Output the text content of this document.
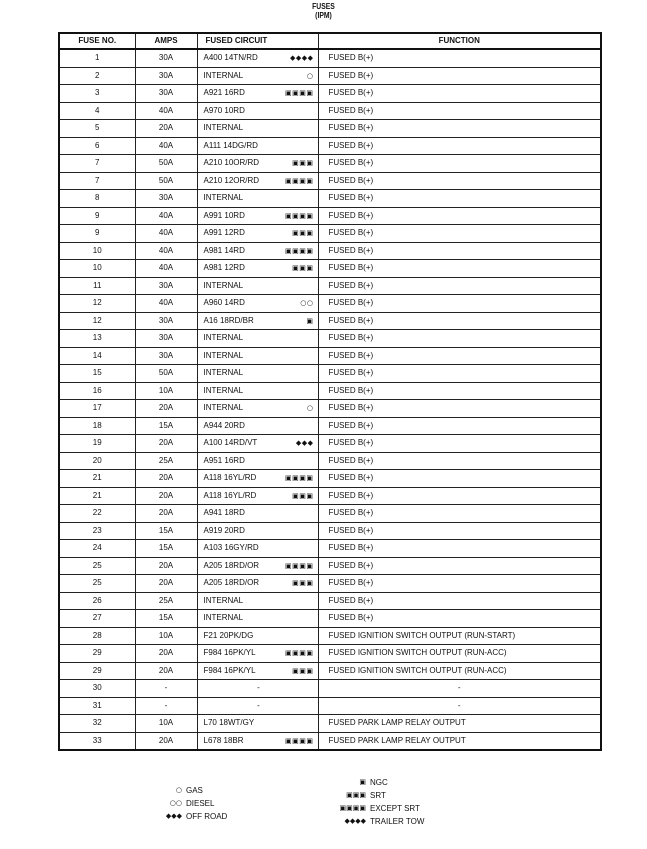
FUSES
(IPM)
FUSE NO.	AMPS	FUSED CIRCUIT	FUNCTION
1	30A	A400 14TN/RD ◆◆◆◆	FUSED B(+)
2	30A	INTERNAL ○	FUSED B(+)
3	30A	A921 16RD ▣▣▣▣	FUSED B(+)
4	40A	A970 10RD	FUSED B(+)
5	20A	INTERNAL	FUSED B(+)
6	40A	A111 14DG/RD	FUSED B(+)
7	50A	A210 10OR/RD ▣▣▣	FUSED B(+)
7	50A	A210 12OR/RD ▣▣▣▣	FUSED B(+)
8	30A	INTERNAL	FUSED B(+)
9	40A	A991 10RD ▣▣▣▣	FUSED B(+)
9	40A	A991 12RD ▣▣▣	FUSED B(+)
10	40A	A981 14RD ▣▣▣▣	FUSED B(+)
10	40A	A981 12RD ▣▣▣	FUSED B(+)
11	30A	INTERNAL	FUSED B(+)
12	40A	A960 14RD ○○	FUSED B(+)
12	30A	A16 18RD/BR ▣	FUSED B(+)
13	30A	INTERNAL	FUSED B(+)
14	30A	INTERNAL	FUSED B(+)
15	50A	INTERNAL	FUSED B(+)
16	10A	INTERNAL	FUSED B(+)
17	20A	INTERNAL ○	FUSED B(+)
18	15A	A944 20RD	FUSED B(+)
19	20A	A100 14RD/VT ◆◆◆	FUSED B(+)
20	25A	A951 16RD	FUSED B(+)
21	20A	A118 16YL/RD ▣▣▣▣	FUSED B(+)
21	20A	A118 16YL/RD ▣▣▣	FUSED B(+)
22	20A	A941 18RD	FUSED B(+)
23	15A	A919 20RD	FUSED B(+)
24	15A	A103 16GY/RD	FUSED B(+)
25	20A	A205 18RD/OR ▣▣▣▣	FUSED B(+)
25	20A	A205 18RD/OR ▣▣▣	FUSED B(+)
26	25A	INTERNAL	FUSED B(+)
27	15A	INTERNAL	FUSED B(+)
28	10A	F21 20PK/DG	FUSED IGNITION SWITCH OUTPUT (RUN-START)
29	20A	F984 16PK/YL ▣▣▣▣	FUSED IGNITION SWITCH OUTPUT (RUN-ACC)
29	20A	F984 16PK/YL ▣▣▣	FUSED IGNITION SWITCH OUTPUT (RUN-ACC)
30	-	-	-
31	-	-	-
32	10A	L70 18WT/GY	FUSED PARK LAMP RELAY OUTPUT
33	20A	L678 18BR ▣▣▣▣	FUSED PARK LAMP RELAY OUTPUT
○ GAS
○○ DIESEL
◆◆◆ OFF ROAD
▣ NGC
▣▣▣ SRT
▣▣▣▣ EXCEPT SRT
◆◆◆◆ TRAILER TOW
